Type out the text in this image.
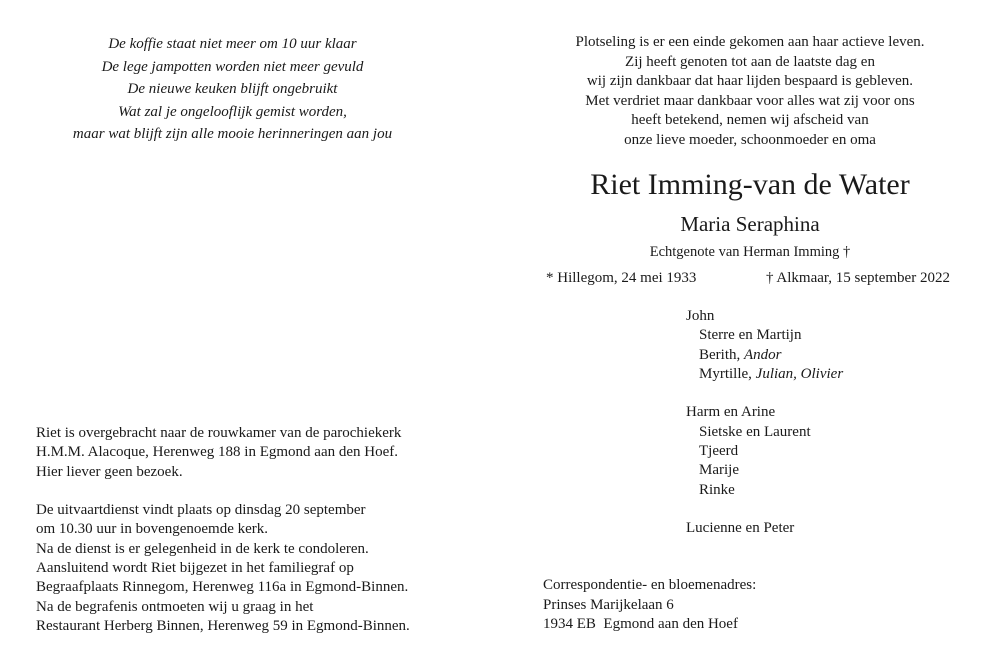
De koffie staat niet meer om 10 uur klaar
De lege jampotten worden niet meer gevuld
De nieuwe keuken blijft ongebruikt
Wat zal je ongelooflijk gemist worden,
maar wat blijft zijn alle mooie herinneringen aan jou
Plotseling is er een einde gekomen aan haar actieve leven.
Zij heeft genoten tot aan de laatste dag en
wij zijn dankbaar dat haar lijden bespaard is gebleven.
Met verdriet maar dankbaar voor alles wat zij voor ons
heeft betekend, nemen wij afscheid van
onze lieve moeder, schoonmoeder en oma
Riet Imming-van de Water
Maria Seraphina
Echtgenote van Herman Imming †
* Hillegom, 24 mei 1933	† Alkmaar, 15 september 2022
John
Sterre en Martijn
Berith, Andor
Myrtille, Julian, Olivier
Harm en Arine
Sietske en Laurent
Tjeerd
Marije
Rinke
Lucienne en Peter
Riet is overgebracht naar de rouwkamer van de parochiekerk
H.M.M. Alacoque, Herenweg 188 in Egmond aan den Hoef.
Hier liever geen bezoek.
De uitvaartdienst vindt plaats op dinsdag 20 september
om 10.30 uur in bovengenoemde kerk.
Na de dienst is er gelegenheid in de kerk te condoleren.
Aansluitend wordt Riet bijgezet in het familiegraf op
Begraafplaats Rinnegom, Herenweg 116a in Egmond-Binnen.
Na de begrafenis ontmoeten wij u graag in het
Restaurant Herberg Binnen, Herenweg 59 in Egmond-Binnen.
Correspondentie- en bloemenadres:
Prinses Marijkelaan 6
1934 EB  Egmond aan den Hoef
